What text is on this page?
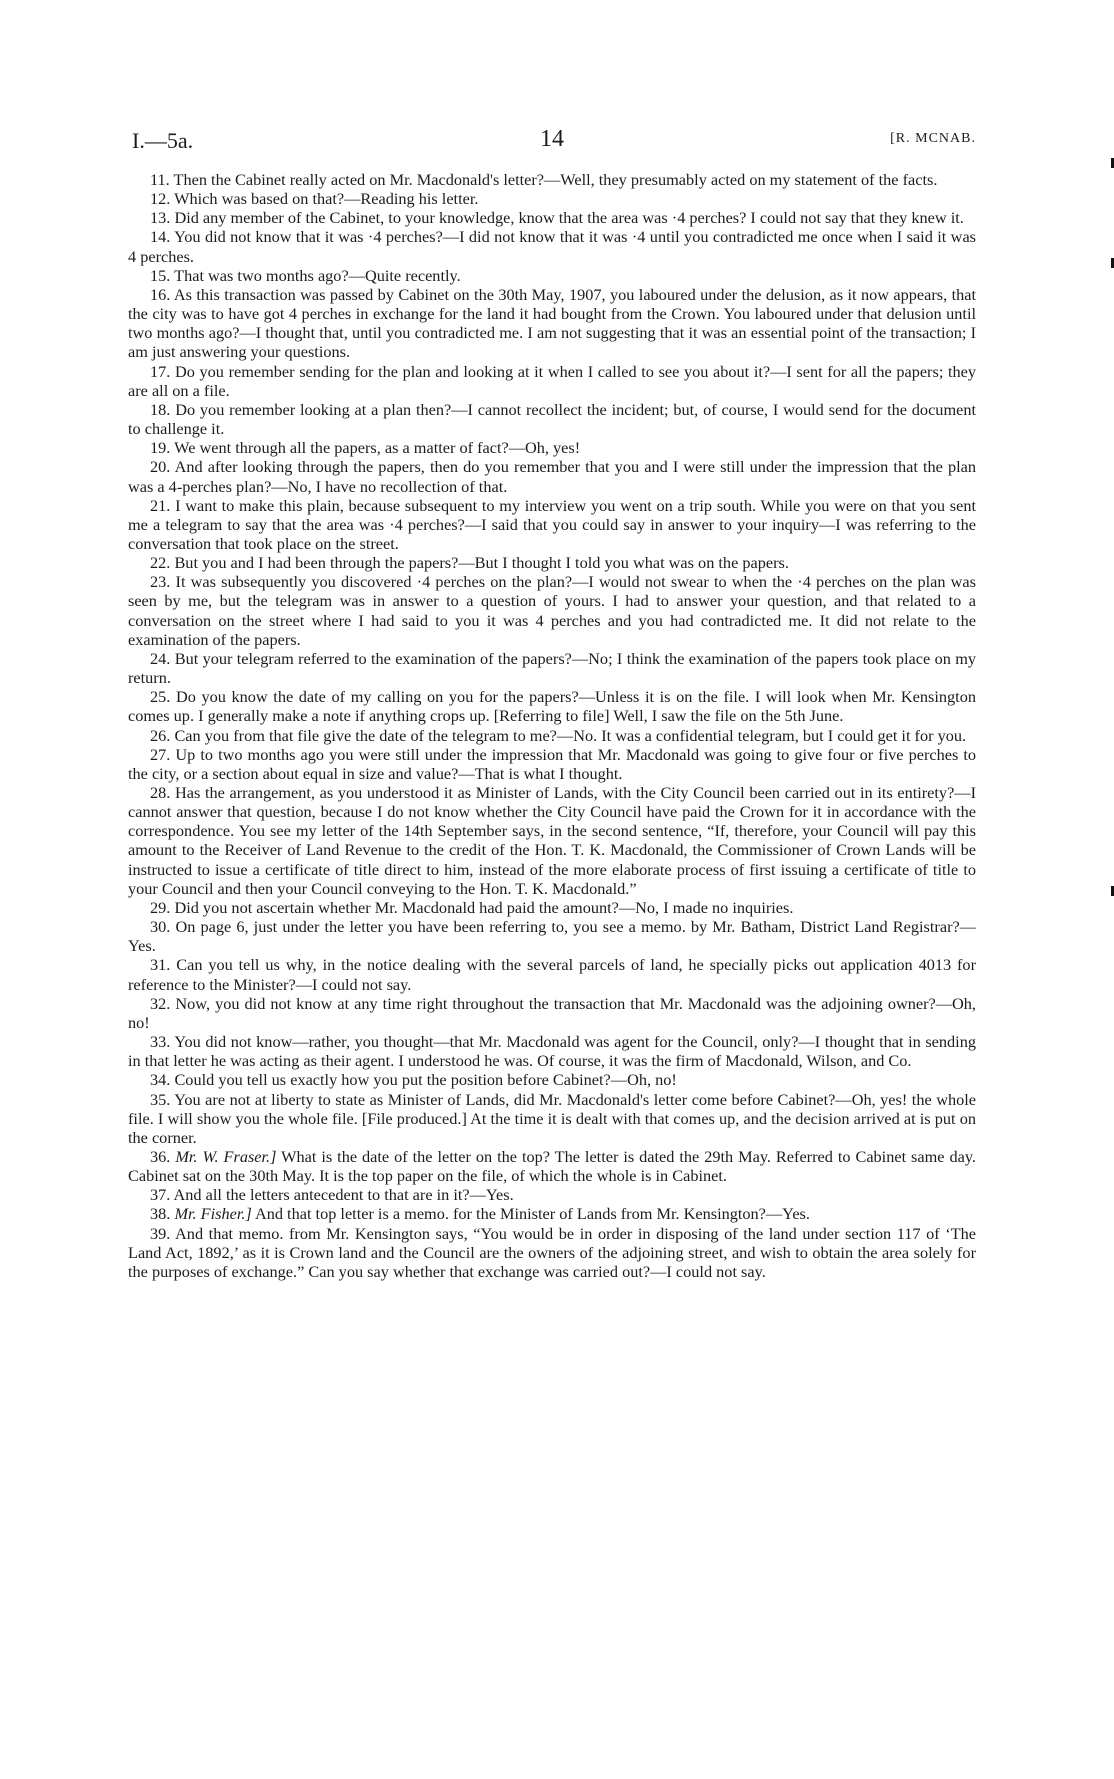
I.—5a.	14	[R. MCNAB.

11. Then the Cabinet really acted on Mr. Macdonald's letter?—Well, they presumably acted on my statement of the facts.

12. Which was based on that?—Reading his letter.

13. Did any member of the Cabinet, to your knowledge, know that the area was ·4 perches? I could not say that they knew it.

14. You did not know that it was ·4 perches?—I did not know that it was ·4 until you contradicted me once when I said it was 4 perches.

15. That was two months ago?—Quite recently.

16. As this transaction was passed by Cabinet on the 30th May, 1907, you laboured under the delusion, as it now appears, that the city was to have got 4 perches in exchange for the land it had bought from the Crown. You laboured under that delusion until two months ago?—I thought that, until you contradicted me. I am not suggesting that it was an essential point of the transaction; I am just answering your questions.

17. Do you remember sending for the plan and looking at it when I called to see you about it?—I sent for all the papers; they are all on a file.

18. Do you remember looking at a plan then?—I cannot recollect the incident; but, of course, I would send for the document to challenge it.

19. We went through all the papers, as a matter of fact?—Oh, yes!

20. And after looking through the papers, then do you remember that you and I were still under the impression that the plan was a 4-perches plan?—No, I have no recollection of that.

21. I want to make this plain, because subsequent to my interview you went on a trip south. While you were on that you sent me a telegram to say that the area was ·4 perches?—I said that you could say in answer to your inquiry—I was referring to the conversation that took place on the street.

22. But you and I had been through the papers?—But I thought I told you what was on the papers.

23. It was subsequently you discovered ·4 perches on the plan?—I would not swear to when the ·4 perches on the plan was seen by me, but the telegram was in answer to a question of yours. I had to answer your question, and that related to a conversation on the street where I had said to you it was 4 perches and you had contradicted me. It did not relate to the examination of the papers.

24. But your telegram referred to the examination of the papers?—No; I think the examination of the papers took place on my return.

25. Do you know the date of my calling on you for the papers?—Unless it is on the file. I will look when Mr. Kensington comes up. I generally make a note if anything crops up. [Referring to file] Well, I saw the file on the 5th June.

26. Can you from that file give the date of the telegram to me?—No. It was a confidential telegram, but I could get it for you.

27. Up to two months ago you were still under the impression that Mr. Macdonald was going to give four or five perches to the city, or a section about equal in size and value?—That is what I thought.

28. Has the arrangement, as you understood it as Minister of Lands, with the City Council been carried out in its entirety?—I cannot answer that question, because I do not know whether the City Council have paid the Crown for it in accordance with the correspondence. You see my letter of the 14th September says, in the second sentence, “If, therefore, your Council will pay this amount to the Receiver of Land Revenue to the credit of the Hon. T. K. Macdonald, the Commissioner of Crown Lands will be instructed to issue a certificate of title direct to him, instead of the more elaborate process of first issuing a certificate of title to your Council and then your Council conveying to the Hon. T. K. Macdonald.”

29. Did you not ascertain whether Mr. Macdonald had paid the amount?—No, I made no inquiries.

30. On page 6, just under the letter you have been referring to, you see a memo. by Mr. Batham, District Land Registrar?—Yes.

31. Can you tell us why, in the notice dealing with the several parcels of land, he specially picks out application 4013 for reference to the Minister?—I could not say.

32. Now, you did not know at any time right throughout the transaction that Mr. Macdonald was the adjoining owner?—Oh, no!

33. You did not know—rather, you thought—that Mr. Macdonald was agent for the Council, only?—I thought that in sending in that letter he was acting as their agent. I understood he was. Of course, it was the firm of Macdonald, Wilson, and Co.

34. Could you tell us exactly how you put the position before Cabinet?—Oh, no!

35. You are not at liberty to state as Minister of Lands, did Mr. Macdonald's letter come before Cabinet?—Oh, yes! the whole file. I will show you the whole file. [File produced.] At the time it is dealt with that comes up, and the decision arrived at is put on the corner.

36. Mr. W. Fraser.] What is the date of the letter on the top? The letter is dated the 29th May. Referred to Cabinet same day. Cabinet sat on the 30th May. It is the top paper on the file, of which the whole is in Cabinet.

37. And all the letters antecedent to that are in it?—Yes.

38. Mr. Fisher.] And that top letter is a memo. for the Minister of Lands from Mr. Kensington?—Yes.

39. And that memo. from Mr. Kensington says, “You would be in order in disposing of the land under section 117 of ‘The Land Act, 1892,’ as it is Crown land and the Council are the owners of the adjoining street, and wish to obtain the area solely for the purposes of exchange.” Can you say whether that exchange was carried out?—I could not say.
